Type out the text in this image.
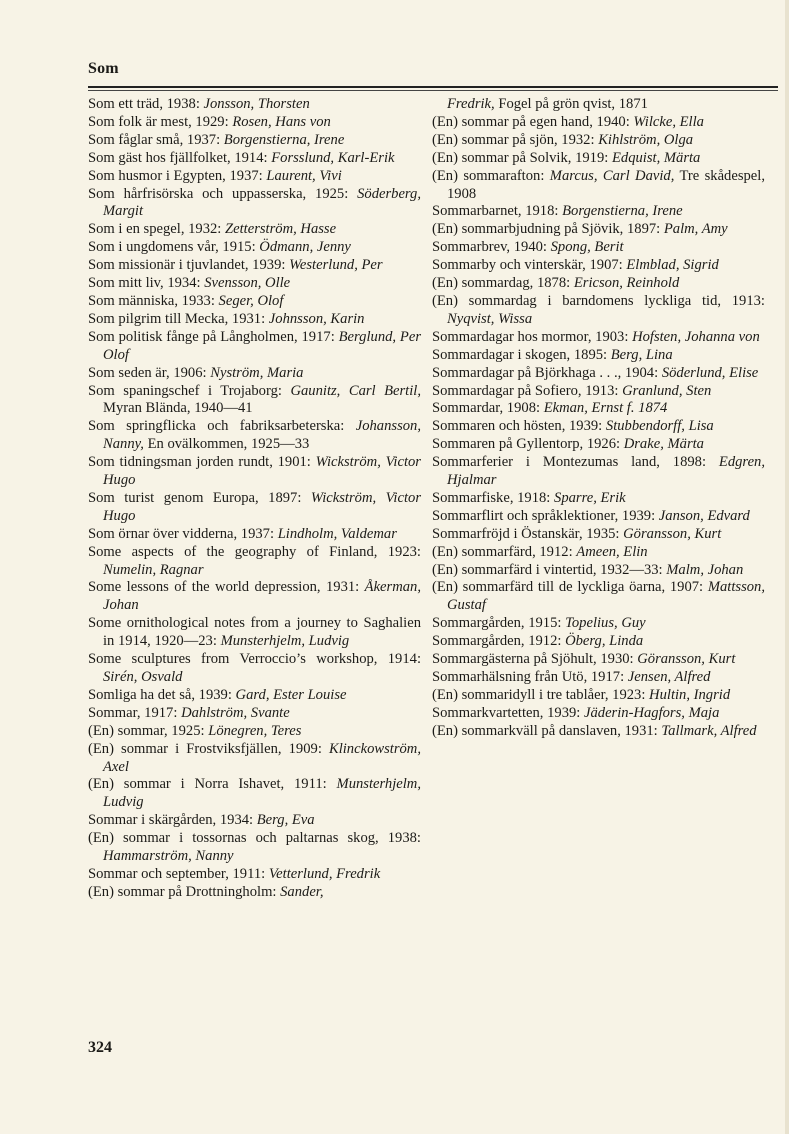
Som

Som ett träd, 1938: Jonsson, Thorsten

Som folk är mest, 1929: Rosen, Hans von

Som fåglar små, 1937: Borgenstierna, Irene

Som gäst hos fjällfolket, 1914: Forsslund, Karl-Erik

Som husmor i Egypten, 1937: Laurent, Vivi

Som hårfrisörska och uppasserska, 1925: Söderberg, Margit

Som i en spegel, 1932: Zetterström, Hasse

Som i ungdomens vår, 1915: Ödmann, Jenny

Som missionär i tjuvlandet, 1939: Westerlund, Per

Som mitt liv, 1934: Svensson, Olle

Som människa, 1933: Seger, Olof

Som pilgrim till Mecka, 1931: Johnsson, Karin

Som politisk fånge på Långholmen, 1917: Berglund, Per Olof

Som seden är, 1906: Nyström, Maria

Som spaningschef i Trojaborg: Gaunitz, Carl Bertil, Myran Blända, 1940—41

Som springflicka och fabriksarbeterska: Johansson, Nanny, En ovälkommen, 1925—33

Som tidningsman jorden rundt, 1901: Wickström, Victor Hugo

Som turist genom Europa, 1897: Wickström, Victor Hugo

Som örnar över vidderna, 1937: Lindholm, Valdemar

Some aspects of the geography of Finland, 1923: Numelin, Ragnar

Some lessons of the world depression, 1931: Åkerman, Johan

Some ornithological notes from a journey to Saghalien in 1914, 1920—23: Munsterhjelm, Ludvig

Some sculptures from Verroccio’s workshop, 1914: Sirén, Osvald

Somliga ha det så, 1939: Gard, Ester Louise

Sommar, 1917: Dahlström, Svante

(En) sommar, 1925: Lönegren, Teres

(En) sommar i Frostviksfjällen, 1909: Klinckowström, Axel

(En) sommar i Norra Ishavet, 1911: Munsterhjelm, Ludvig

Sommar i skärgården, 1934: Berg, Eva

(En) sommar i tossornas och paltarnas skog, 1938: Hammarström, Nanny

Sommar och september, 1911: Vetterlund, Fredrik

(En) sommar på Drottningholm: Sander,

Fredrik, Fogel på grön qvist, 1871

(En) sommar på egen hand, 1940: Wilcke, Ella

(En) sommar på sjön, 1932: Kihlström, Olga

(En) sommar på Solvik, 1919: Edquist, Märta

(En) sommarafton: Marcus, Carl David, Tre skådespel, 1908

Sommarbarnet, 1918: Borgenstierna, Irene

(En) sommarbjudning på Sjövik, 1897: Palm, Amy

Sommarbrev, 1940: Spong, Berit

Sommarby och vinterskär, 1907: Elmblad, Sigrid

(En) sommardag, 1878: Ericson, Reinhold

(En) sommardag i barndomens lyckliga tid, 1913: Nyqvist, Wissa

Sommardagar hos mormor, 1903: Hofsten, Johanna von

Sommardagar i skogen, 1895: Berg, Lina

Sommardagar på Björkhaga . . ., 1904: Söderlund, Elise

Sommardagar på Sofiero, 1913: Granlund, Sten

Sommardar, 1908: Ekman, Ernst f. 1874

Sommaren och hösten, 1939: Stubbendorff, Lisa

Sommaren på Gyllentorp, 1926: Drake, Märta

Sommarferier i Montezumas land, 1898: Edgren, Hjalmar

Sommarfiske, 1918: Sparre, Erik

Sommarflirt och språklektioner, 1939: Janson, Edvard

Sommarfröjd i Östanskär, 1935: Göransson, Kurt

(En) sommarfärd, 1912: Ameen, Elin

(En) sommarfärd i vintertid, 1932—33: Malm, Johan

(En) sommarfärd till de lyckliga öarna, 1907: Mattsson, Gustaf

Sommargården, 1915: Topelius, Guy

Sommargården, 1912: Öberg, Linda

Sommargästerna på Sjöhult, 1930: Göransson, Kurt

Sommarhälsning från Utö, 1917: Jensen, Alfred

(En) sommaridyll i tre tablåer, 1923: Hultin, Ingrid

Sommarkvartetten, 1939: Jäderin-Hagfors, Maja

(En) sommarkväll på danslaven, 1931: Tallmark, Alfred

324
